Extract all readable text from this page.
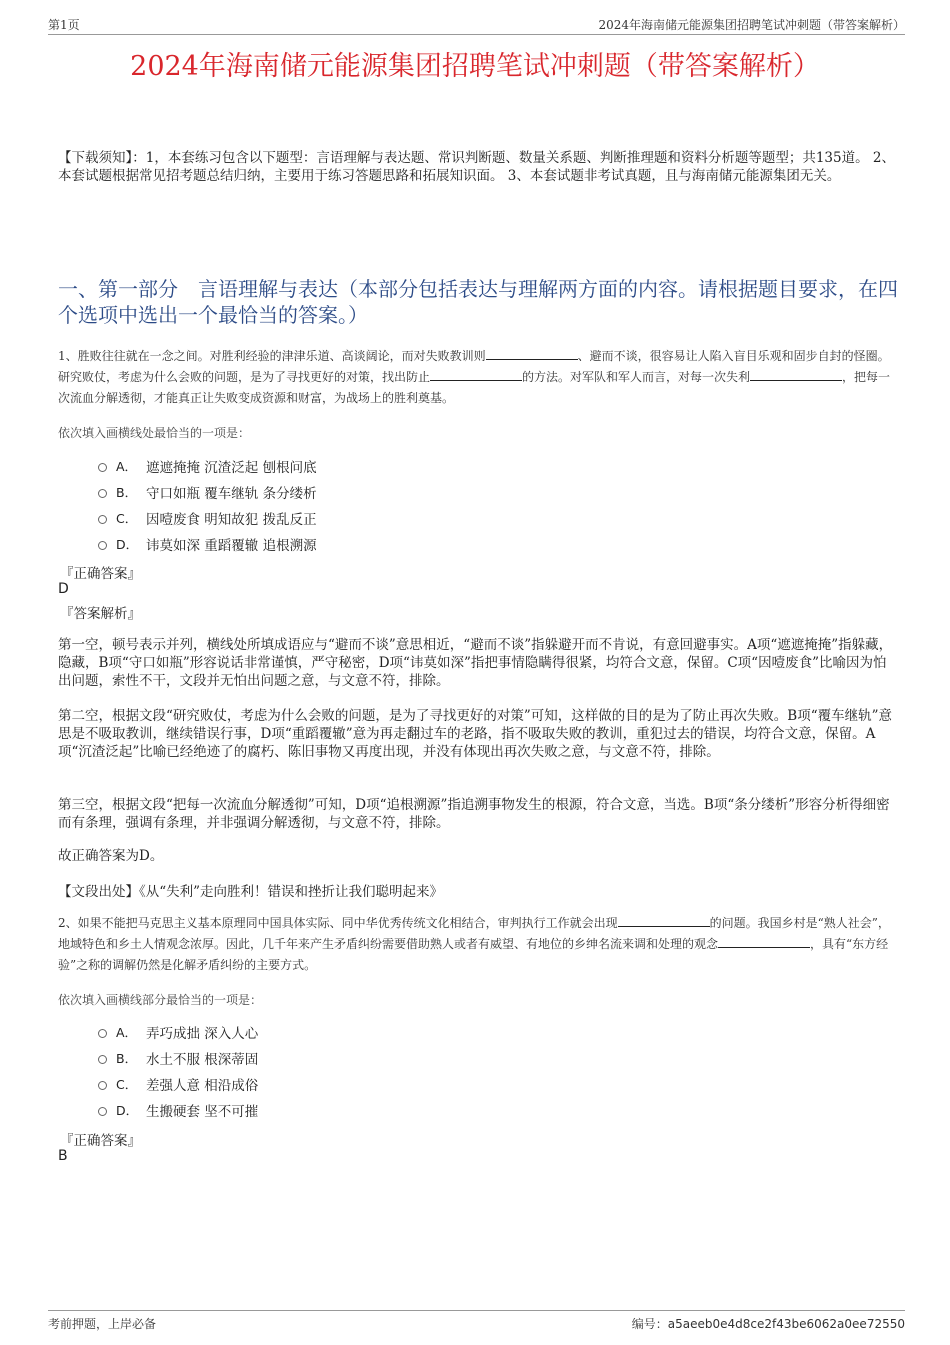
第1页	2024年海南储元能源集团招聘笔试冲刺题（带答案解析）
2024年海南储元能源集团招聘笔试冲刺题（带答案解析）
【下载须知】：1，本套练习包含以下题型：言语理解与表达题、常识判断题、数量关系题、判断推理题和资料分析题等题型；共135道。 2、本套试题根据常见招考题总结归纳，主要用于练习答题思路和拓展知识面。 3、本套试题非考试真题，且与海南储元能源集团无关。
一、第一部分　言语理解与表达（本部分包括表达与理解两方面的内容。请根据题目要求，在四个选项中选出一个最恰当的答案。）
1、胜败往往就在一念之间。对胜利经验的津津乐道、高谈阔论，而对失败教训则	、避而不谈，很容易让人陷入盲目乐观和固步自封的怪圈。研究败仗，考虑为什么会败的问题，是为了寻找更好的对策，找出防止	的方法。对军队和军人而言，对每一次失利	，把每一次流血分解透彻，才能真正让失败变成资源和财富，为战场上的胜利奠基。
依次填入画横线处最恰当的一项是：
A． 遮遮掩掩 沉渣泛起 刨根问底
B． 守口如瓶 覆车继轨 条分缕析
C． 因噎废食 明知故犯 拨乱反正
D． 讳莫如深 重蹈覆辙 追根溯源
『正确答案』
D
『答案解析』
第一空，顿号表示并列，横线处所填成语应与“避而不谈”意思相近，“避而不谈”指躲避开而不肯说，有意回避事实。A项“遮遮掩掩”指躲藏，隐藏，B项“守口如瓶”形容说话非常谨慎，严守秘密，D项“讳莫如深”指把事情隐瞒得很紧，均符合文意，保留。C项“因噎废食”比喻因为怕出问题，索性不干，文段并无怕出问题之意，与文意不符，排除。
第二空，根据文段“研究败仗，考虑为什么会败的问题，是为了寻找更好的对策”可知，这样做的目的是为了防止再次失败。B项“覆车继轨”意思是不吸取教训，继续错误行事，D项“重蹈覆辙”意为再走翻过车的老路，指不吸取失败的教训，重犯过去的错误，均符合文意，保留。A项“沉渣泛起”比喻已经绝迹了的腐朽、陈旧事物又再度出现，并没有体现出再次失败之意，与文意不符，排除。
第三空，根据文段“把每一次流血分解透彻”可知，D项“追根溯源”指追溯事物发生的根源，符合文意，当选。B项“条分缕析”形容分析得细密而有条理，强调有条理，并非强调分解透彻，与文意不符，排除。
故正确答案为D。
【文段出处】《从“失利”走向胜利！错误和挫折让我们聪明起来》
2、如果不能把马克思主义基本原理同中国具体实际、同中华优秀传统文化相结合，审判执行工作就会出现	的问题。我国乡村是“熟人社会”，地域特色和乡土人情观念浓厚。因此，几千年来产生矛盾纠纷需要借助熟人或者有威望、有地位的乡绅名流来调和处理的观念	，具有“东方经验”之称的调解仍然是化解矛盾纠纷的主要方式。
依次填入画横线部分最恰当的一项是：
A． 弄巧成拙 深入人心
B． 水土不服 根深蒂固
C． 差强人意 相沿成俗
D． 生搬硬套 坚不可摧
『正确答案』
B
考前押题，上岸必备	编号：a5aeeb0e4d8ce2f43be6062a0ee72550
